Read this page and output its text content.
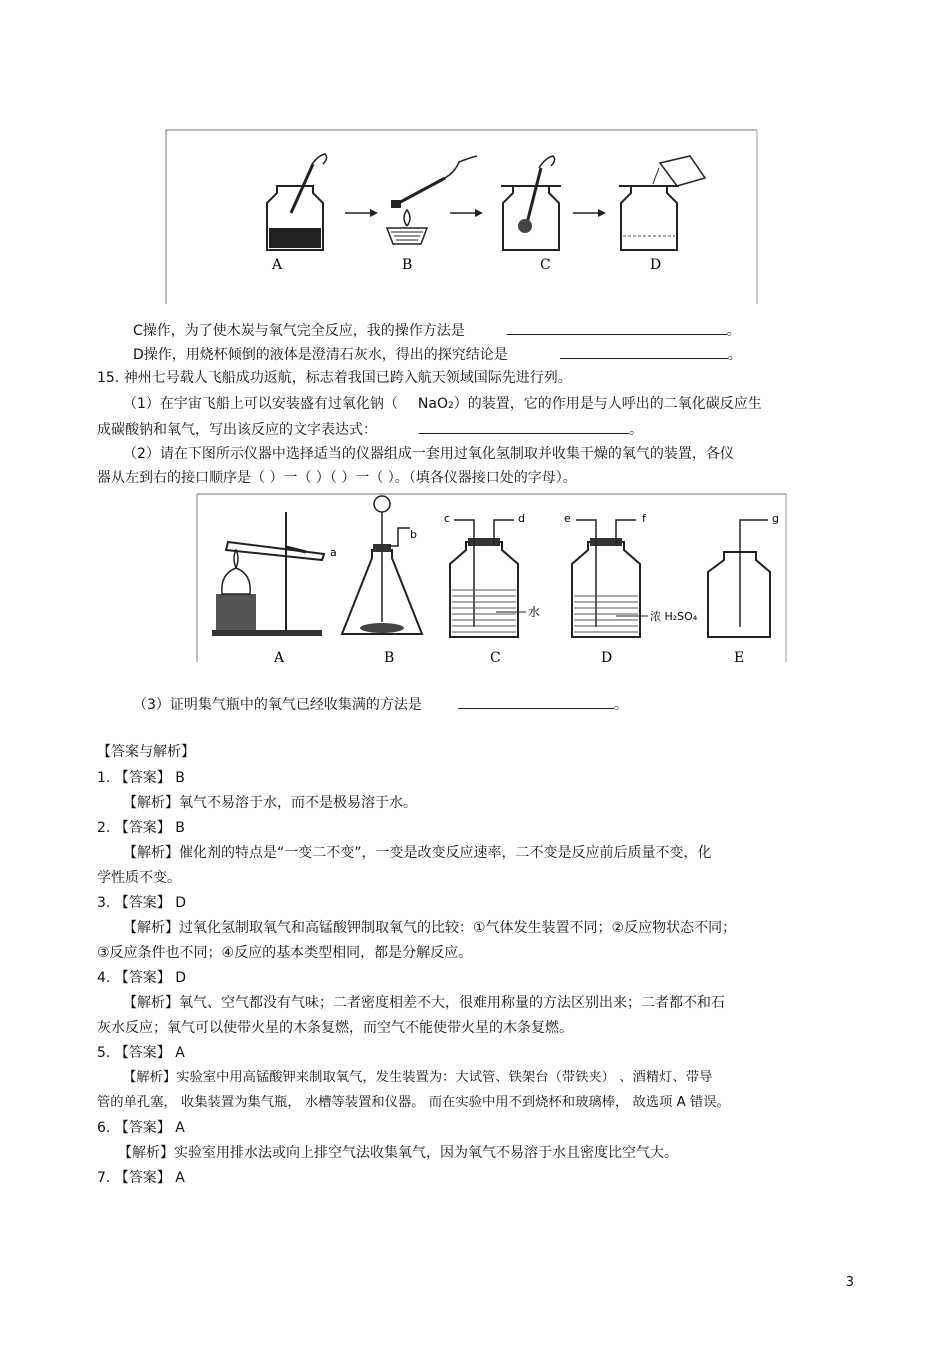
A	B	C	D
C操作，为了使木炭与氧气完全反应，我的操作方法是	。
D操作，用烧杯倾倒的液体是澄清石灰水，得出的探究结论是	。
15. 神州七号载人飞船成功返航，标志着我国已跨入航天领域国际先进行列。
（1）在宇宙飞船上可以安装盛有过氧化钠（ NaO2）的装置，它的作用是与人呼出的二氧化碳反应生
成碳酸钠和氧气，写出该反应的文字表达式：	。
（2）请在下图所示仪器中选择适当的仪器组成一套用过氧化氢制取并收集干燥的氧气的装置，各仪
器从左到右的接口顺序是（ ）一（ ）（ ）一（ ）。（填各仪器接口处的字母）。
a
b
c	d
水
e	f
浓 H₂SO₄
g
A	B	C	D	E
（3）证明集气瓶中的氧气已经收集满的方法是	。
【答案与解析】
1. 【答案】 B
【解析】氧气不易溶于水，而不是极易溶于水。
2. 【答案】 B
【解析】催化剂的特点是“一变二不变”，一变是改变反应速率，二不变是反应前后质量不变，化
学性质不变。
3. 【答案】 D
【解析】过氧化氢制取氧气和高锰酸钾制取氧气的比较：①气体发生装置不同；②反应物状态不同；
③反应条件也不同；④反应的基本类型相同，都是分解反应。
4. 【答案】 D
【解析】氧气、空气都没有气味；二者密度相差不大，很难用称量的方法区别出来；二者都不和石
灰水反应；氧气可以使带火星的木条复燃，而空气不能使带火星的木条复燃。
5. 【答案】 A
【解析】实验室中用高锰酸钾来制取氧气，发生装置为：大试管、铁架台（带铁夹） 、酒精灯、带导
管的单孔塞， 收集装置为集气瓶， 水槽等装置和仪器。 而在实验中用不到烧杯和玻璃棒， 故选项 A 错误。
6. 【答案】 A
【解析】实验室用排水法或向上排空气法收集氧气，因为氧气不易溶于水且密度比空气大。
7. 【答案】 A
3
